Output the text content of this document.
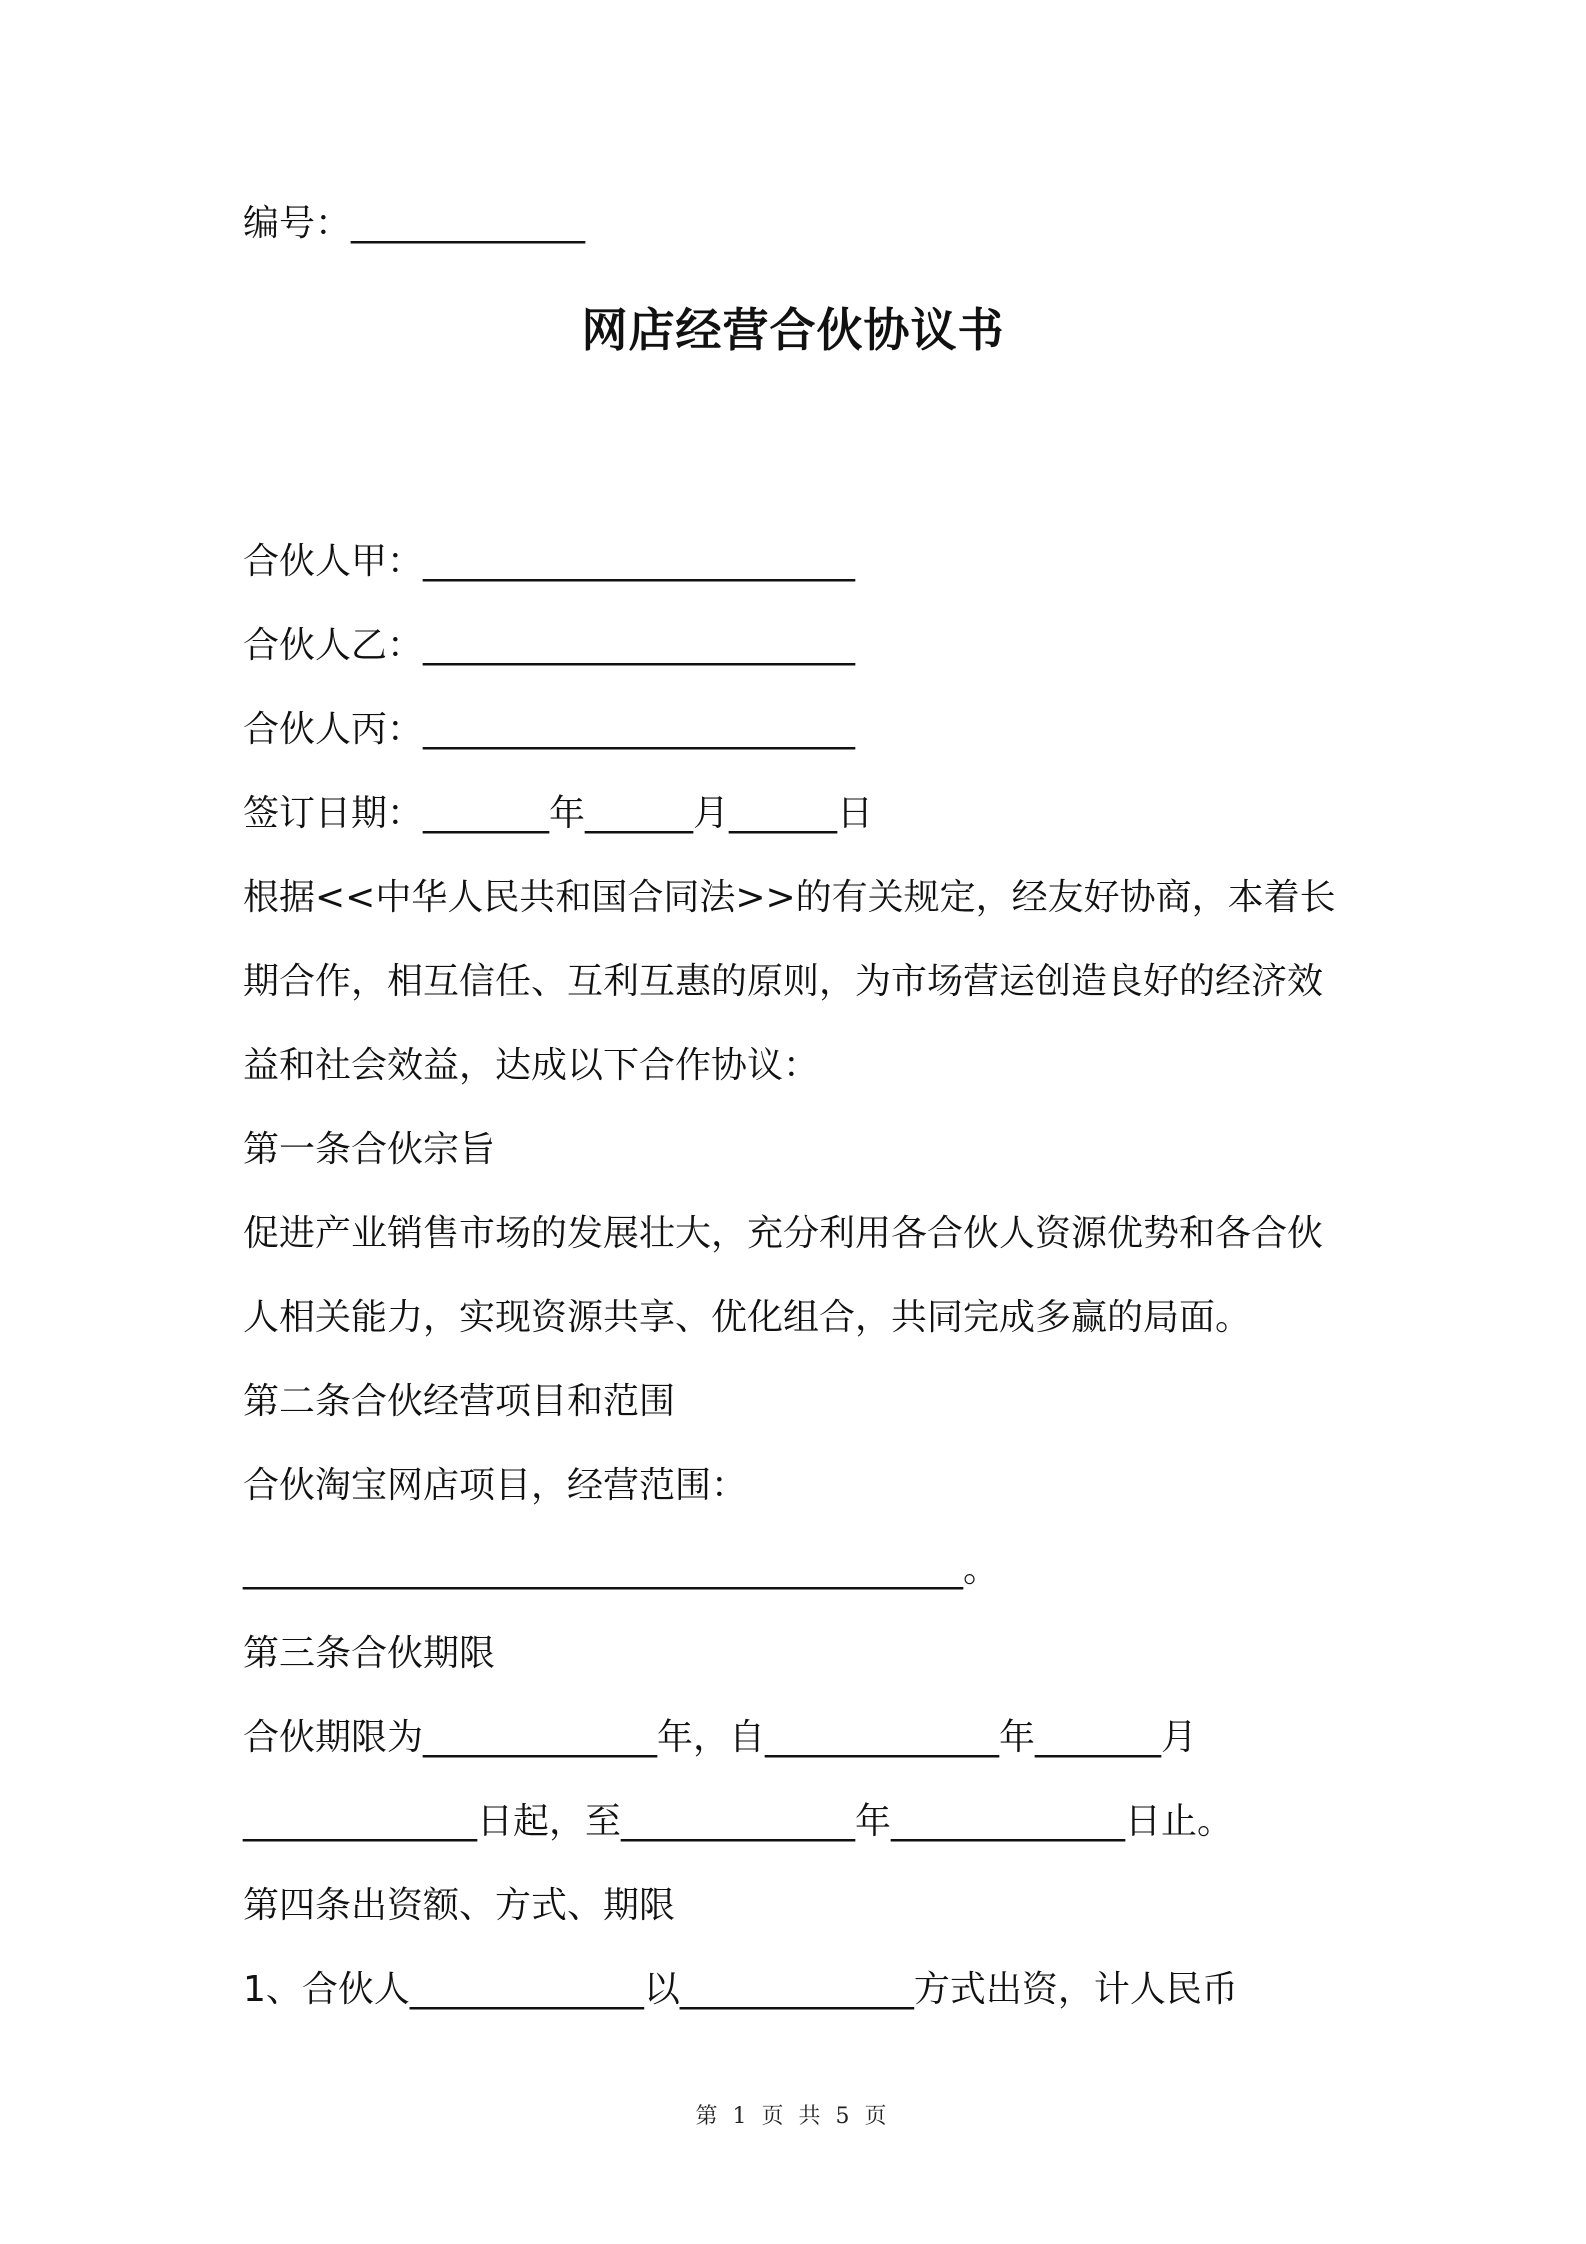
编号：_____________
网店经营合伙协议书
合伙人甲：________________________
合伙人乙：________________________
合伙人丙：________________________
签订日期：_______年______月______日
根据<<中华人民共和国合同法>>的有关规定，经友好协商，本着长
期合作，相互信任、互利互惠的原则，为市场营运创造良好的经济效
益和社会效益，达成以下合作协议：
第一条合伙宗旨
促进产业销售市场的发展壮大，充分利用各合伙人资源优势和各合伙
人相关能力，实现资源共享、优化组合，共同完成多赢的局面。
第二条合伙经营项目和范围
合伙淘宝网店项目，经营范围：
________________________________________。
第三条合伙期限
合伙期限为_____________年，自_____________年_______月
_____________日起，至_____________年_____________日止。
第四条出资额、方式、期限
1、合伙人_____________以_____________方式出资，计人民币
第 1 页 共 5 页
